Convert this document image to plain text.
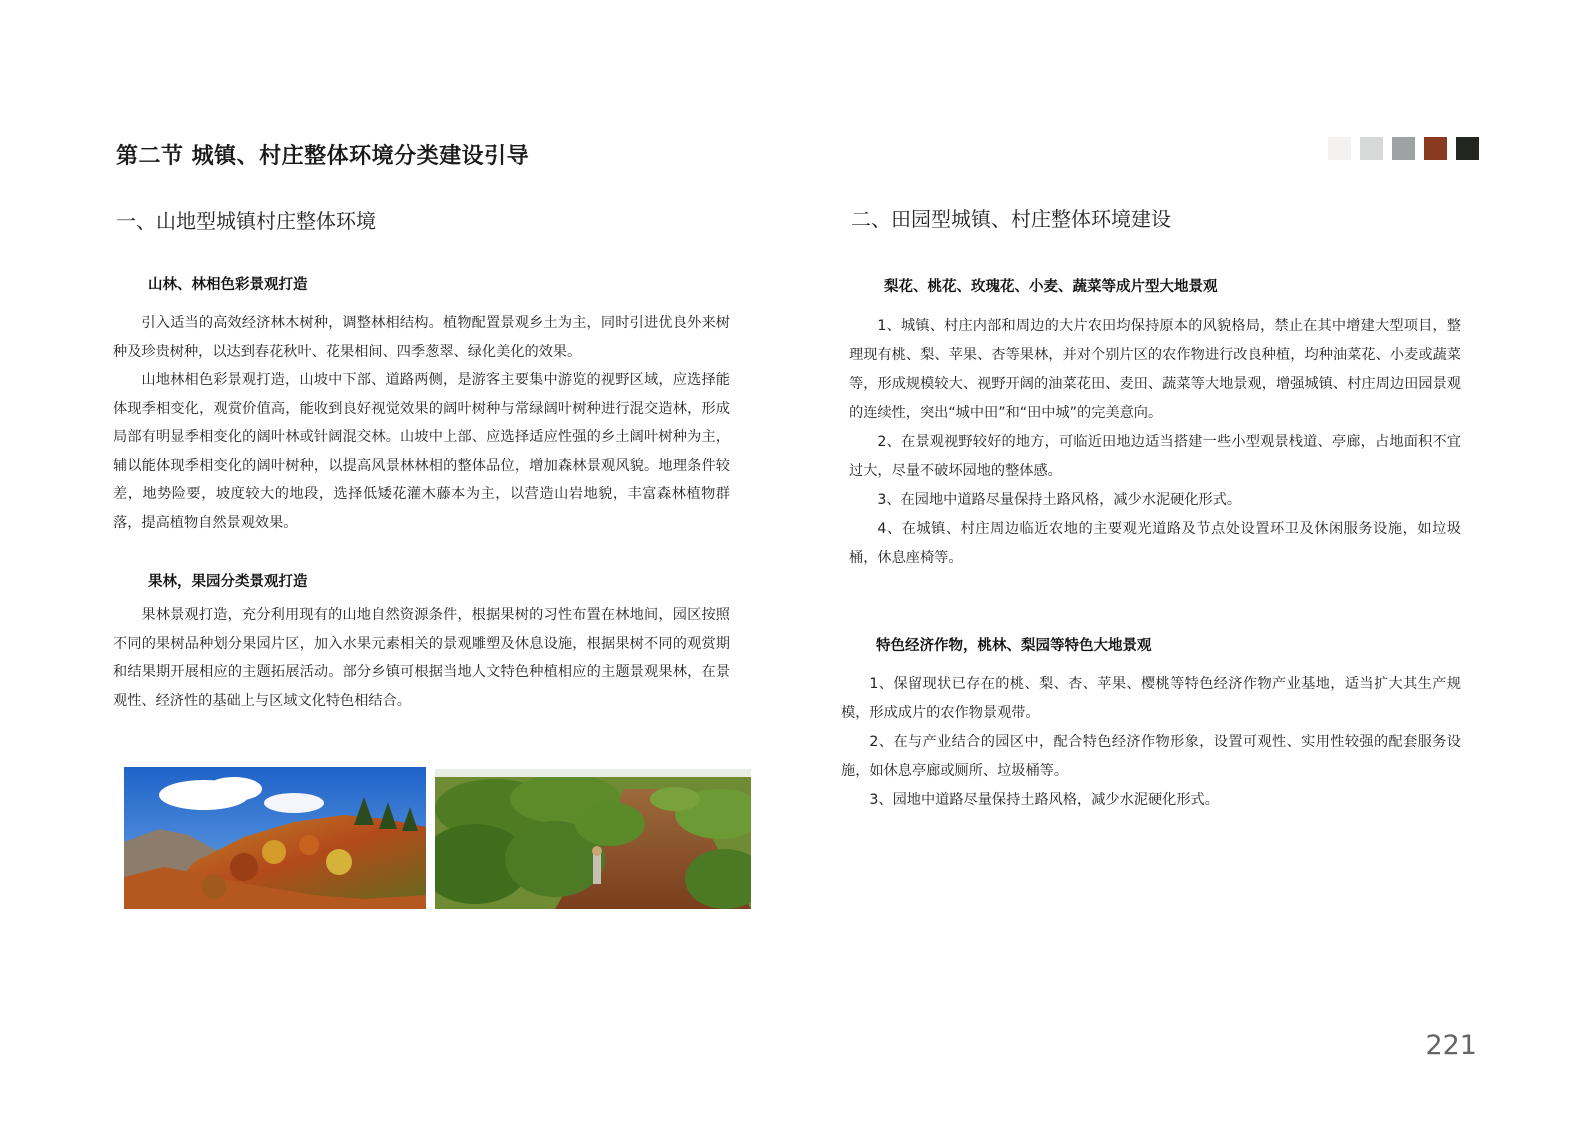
第二节 城镇、村庄整体环境分类建设引导
一、山地型城镇村庄整体环境
山林、林相色彩景观打造

引入适当的高效经济林木树种，调整林相结构。植物配置景观乡土为主，同时引进优良外来树种及珍贵树种，以达到春花秋叶、花果相间、四季葱翠、绿化美化的效果。

山地林相色彩景观打造，山坡中下部、道路两侧，是游客主要集中游览的视野区域，应选择能体现季相变化，观赏价值高，能收到良好视觉效果的阔叶树种与常绿阔叶树种进行混交造林，形成局部有明显季相变化的阔叶林或针阔混交林。山坡中上部、应选择适应性强的乡土阔叶树种为主，辅以能体现季相变化的阔叶树种，以提高风景林林相的整体品位，增加森林景观风貌。地理条件较差，地势险要，坡度较大的地段，选择低矮花灌木藤本为主，以营造山岩地貌，丰富森林植物群落，提高植物自然景观效果。

果林，果园分类景观打造

果林景观打造，充分利用现有的山地自然资源条件，根据果树的习性布置在林地间，园区按照不同的果树品种划分果园片区，加入水果元素相关的景观雕塑及休息设施，根据果树不同的观赏期和结果期开展相应的主题拓展活动。部分乡镇可根据当地人文特色种植相应的主题景观果林，在景观性、经济性的基础上与区域文化特色相结合。

二、田园型城镇、村庄整体环境建设
梨花、桃花、玫瑰花、小麦、蔬菜等成片型大地景观

1、城镇、村庄内部和周边的大片农田均保持原本的风貌格局，禁止在其中增建大型项目，整理现有桃、梨、苹果、杏等果林，并对个别片区的农作物进行改良种植，均种油菜花、小麦或蔬菜等，形成规模较大、视野开阔的油菜花田、麦田、蔬菜等大地景观，增强城镇、村庄周边田园景观的连续性，突出“城中田”和“田中城”的完美意向。

2、在景观视野较好的地方，可临近田地边适当搭建一些小型观景栈道、亭廊，占地面积不宜过大，尽量不破坏园地的整体感。

3、在园地中道路尽量保持土路风格，减少水泥硬化形式。

4、在城镇、村庄周边临近农地的主要观光道路及节点处设置环卫及休闲服务设施，如垃圾桶，休息座椅等。

特色经济作物，桃林、梨园等特色大地景观

1、保留现状已存在的桃、梨、杏、苹果、樱桃等特色经济作物产业基地，适当扩大其生产规模，形成成片的农作物景观带。

2、在与产业结合的园区中，配合特色经济作物形象，设置可观性、实用性较强的配套服务设 施，如休息亭廊或厕所、垃圾桶等。

3、园地中道路尽量保持土路风格，减少水泥硬化形式。

221
